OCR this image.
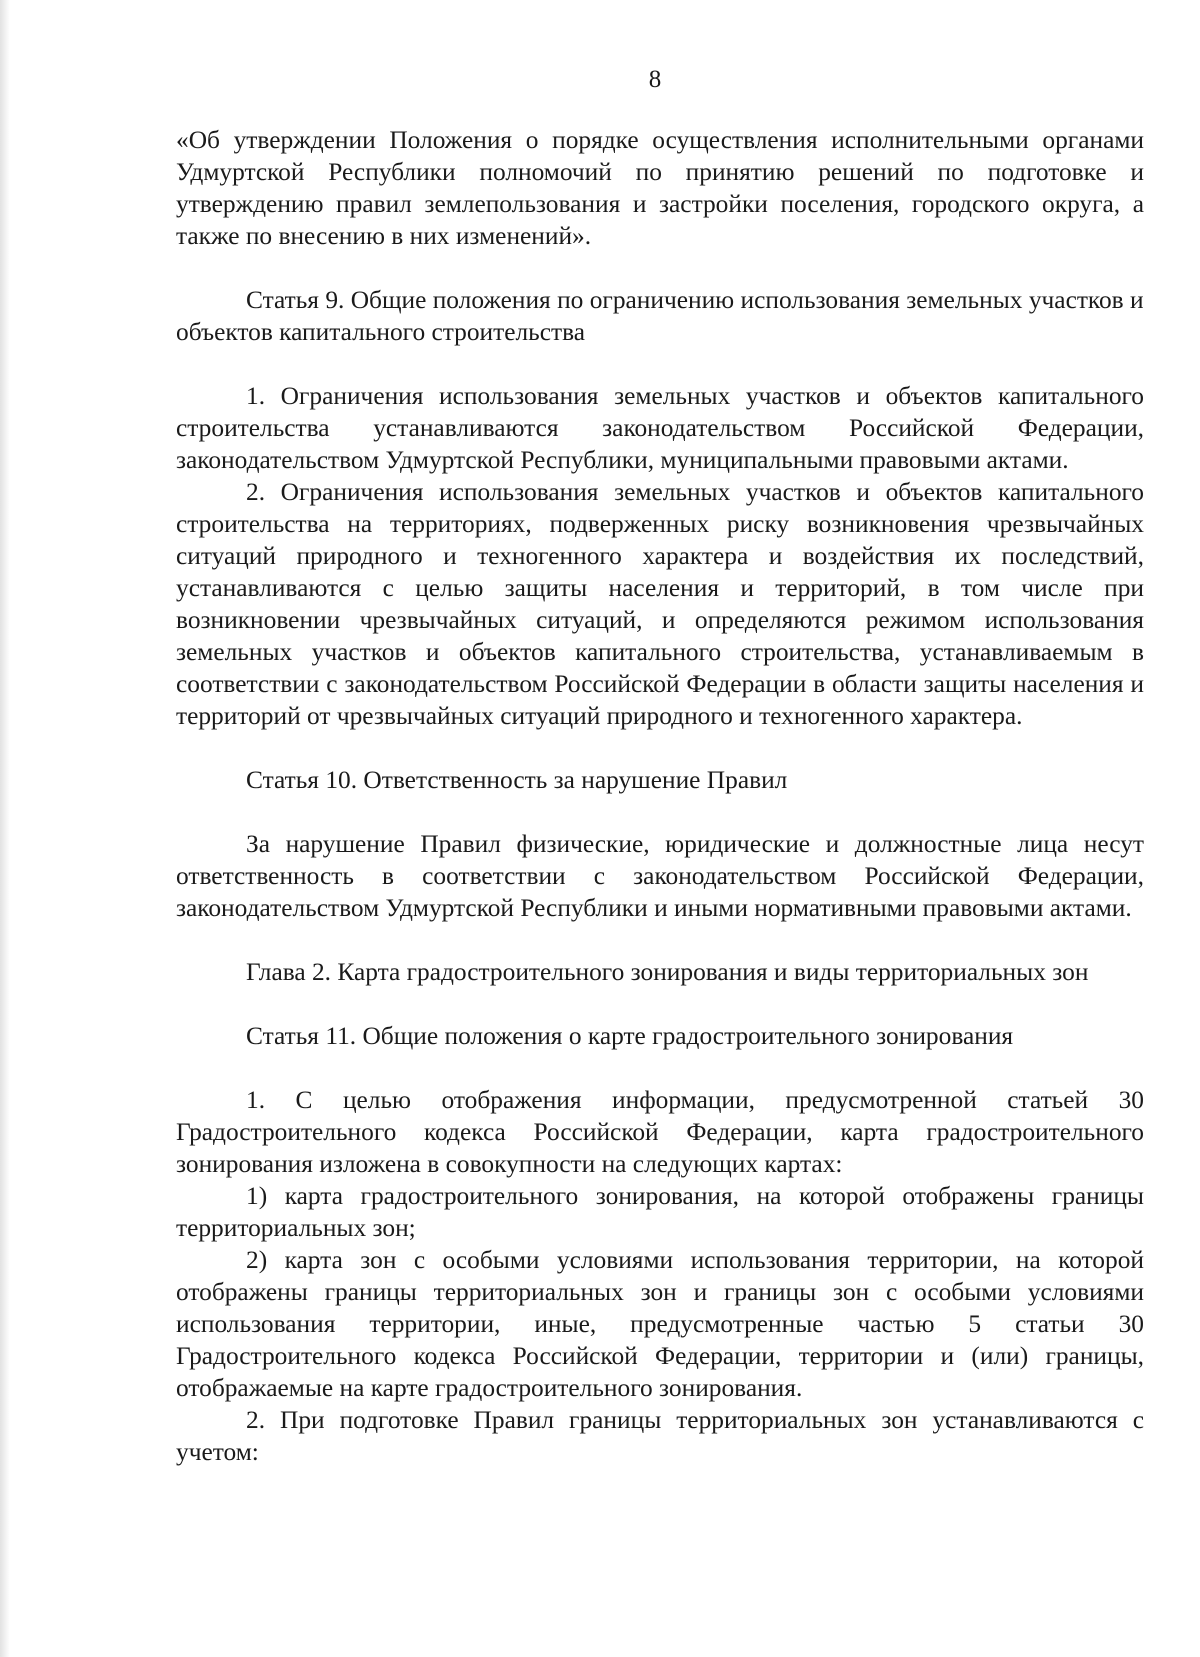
8

«Об утверждении Положения о порядке осуществления исполнительными органами Удмуртской Республики полномочий по принятию решений по подготовке и утверждению правил землепользования и застройки поселения, городского округа, а также по внесению в них изменений».

Статья 9. Общие положения по ограничению использования земельных участков и объектов капитального строительства

1. Ограничения использования земельных участков и объектов капитального строительства устанавливаются законодательством Российской Федерации, законодательством Удмуртской Республики, муниципальными правовыми актами.

2. Ограничения использования земельных участков и объектов капитального строительства на территориях, подверженных риску возникновения чрезвычайных ситуаций природного и техногенного характера и воздействия их последствий, устанавливаются с целью защиты населения и территорий, в том числе при возникновении чрезвычайных ситуаций, и определяются режимом использования земельных участков и объектов капитального строительства, устанавливаемым в соответствии с законодательством Российской Федерации в области защиты населения и территорий от чрезвычайных ситуаций природного и техногенного характера.

Статья 10. Ответственность за нарушение Правил

За нарушение Правил физические, юридические и должностные лица несут ответственность в соответствии с законодательством Российской Федерации, законодательством Удмуртской Республики и иными нормативными правовыми актами.

Глава 2. Карта градостроительного зонирования и виды территориальных зон

Статья 11. Общие положения о карте градостроительного зонирования

1. С целью отображения информации, предусмотренной статьей 30 Градостроительного кодекса Российской Федерации, карта градостроительного зонирования изложена в совокупности на следующих картах:

1) карта градостроительного зонирования, на которой отображены границы территориальных зон;

2) карта зон с особыми условиями использования территории, на которой отображены границы территориальных зон и границы зон с особыми условиями использования территории, иные, предусмотренные частью 5 статьи 30 Градостроительного кодекса Российской Федерации, территории и (или) границы, отображаемые на карте градостроительного зонирования.

2. При подготовке Правил границы территориальных зон устанавливаются с учетом:
